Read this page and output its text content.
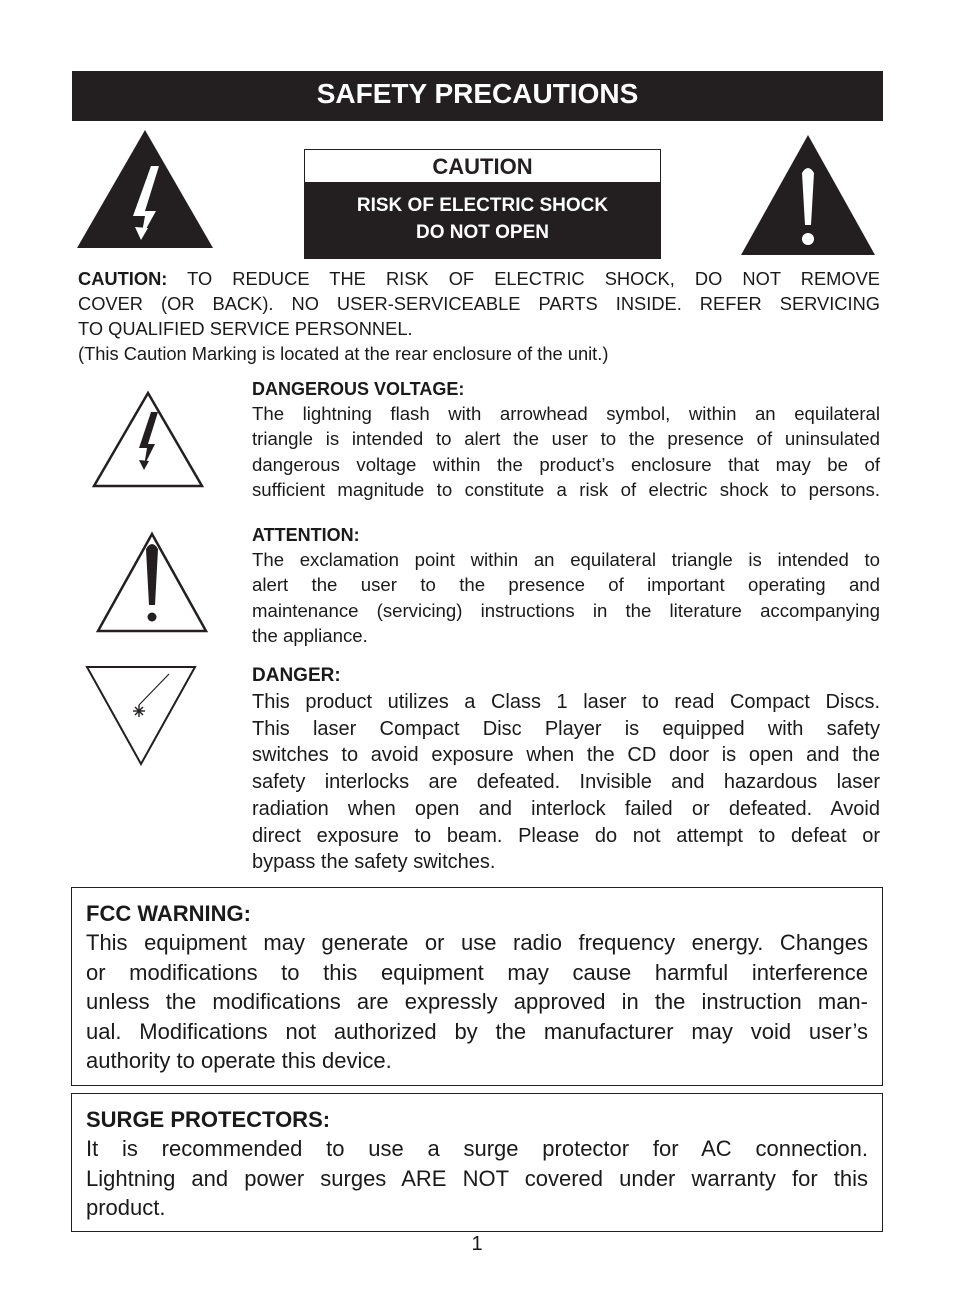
SAFETY PRECAUTIONS
CAUTION
RISK OF ELECTRIC SHOCK
DO NOT OPEN
CAUTION: TO REDUCE THE RISK OF ELECTRIC SHOCK, DO NOT REMOVE
COVER (OR BACK). NO USER-SERVICEABLE PARTS INSIDE. REFER SERVICING
TO QUALIFIED SERVICE PERSONNEL.
(This Caution Marking is located at the rear enclosure of the unit.)
DANGEROUS VOLTAGE:
The lightning flash with arrowhead symbol, within an equilateral
triangle is intended to alert the user to the presence of uninsulated
dangerous voltage within the product’s enclosure that may be of
sufficient magnitude to constitute a risk of electric shock to persons.
ATTENTION:
The exclamation point within an equilateral triangle is intended to
alert the user to the presence of important operating and
maintenance (servicing) instructions in the literature accompanying
the appliance.
DANGER:
This product utilizes a Class 1 laser to read Compact Discs.
This laser Compact Disc Player is equipped with safety
switches to avoid exposure when the CD door is open and the
safety interlocks are defeated. Invisible and hazardous laser
radiation when open and interlock failed or defeated. Avoid
direct exposure to beam. Please do not attempt to defeat or
bypass the safety switches.
FCC WARNING:
This equipment may generate or use radio frequency energy. Changes
or modifications to this equipment may cause harmful interference
unless the modifications are expressly approved in the instruction man-
ual. Modifications not authorized by the manufacturer may void user’s
authority to operate this device.
SURGE PROTECTORS:
It is recommended to use a surge protector for AC connection.
Lightning and power surges ARE NOT covered under warranty for this
product.
1
